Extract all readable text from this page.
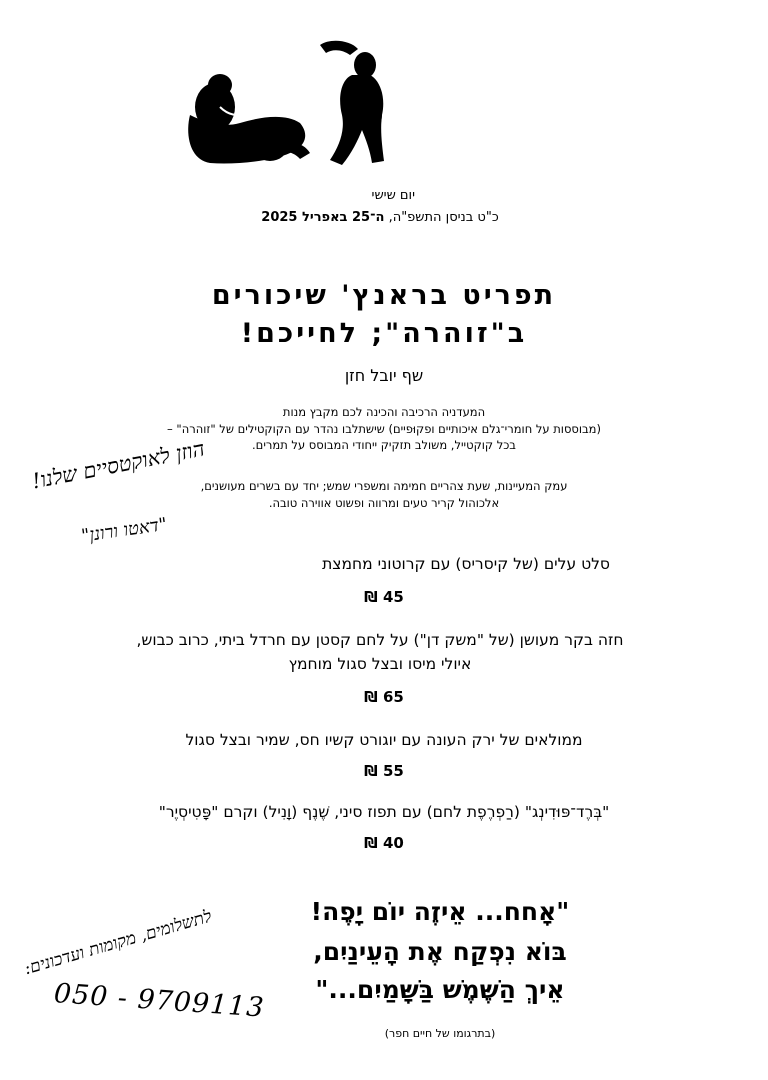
יום שישי
כ"ט בניסן התשפ"ה, ה־25 באפריל 2025
תפריט בראנץ' שיכורים
ב"זוהרה"; לחייכם!
שף יובל חזן
המעדניה הרכיבה והכינה לכם מקבץ מנות
(מבוססות על חומרי־גלם איכותיים ופקוּפיים) שישתלבו נהדר עם הקוקטילים של "זוהרה" –
בכל קוקטייל, משולב תזקיק ייחודי המבוסס על תמרים.
עמק המעיינות, שעת צהריים חמימה ומשפרי שמש; יחד עם בשרים מעושנים,
אלכוהול קריר טעים ומרווה ופשוט אווירה טובה.
סלט עלים (של קיסריס) עם קרוטוני מחמצת
45 ₪
חזה בקר מעושן (של "משק דן") על לחם קסטן עם חרדל ביתי, כרוב כבוש,
איולי מיסו ובצל סגול מוחמץ
65 ₪
ממולאים של ירק העונה עם יוגורט קשיו חס, שמיר ובצל סגול
55 ₪
"בְּרֶד־פּוּדִינְג" (רַפְרֶפֶת לחם) עם תפוז סיני, שֶׁנֶף (וָנִיל) וקרם "פָּטִיסְיֶר"
40 ₪
"אָחח... אֵיזֶה יוֹם יָפֶה!
בּוֹא נִפְקַח אֶת הָעֵינַיִם,
אֵיךְ הַשֶּׁמֶשׁ בַּשָּׁמַיִם..."
(בתרגומו של חיים חפר)
הוזן לאוקטסיים שלנו!
"דאטו ורונן"
לתשלומים, מקומות ועדכונים:
050 - 9709113
